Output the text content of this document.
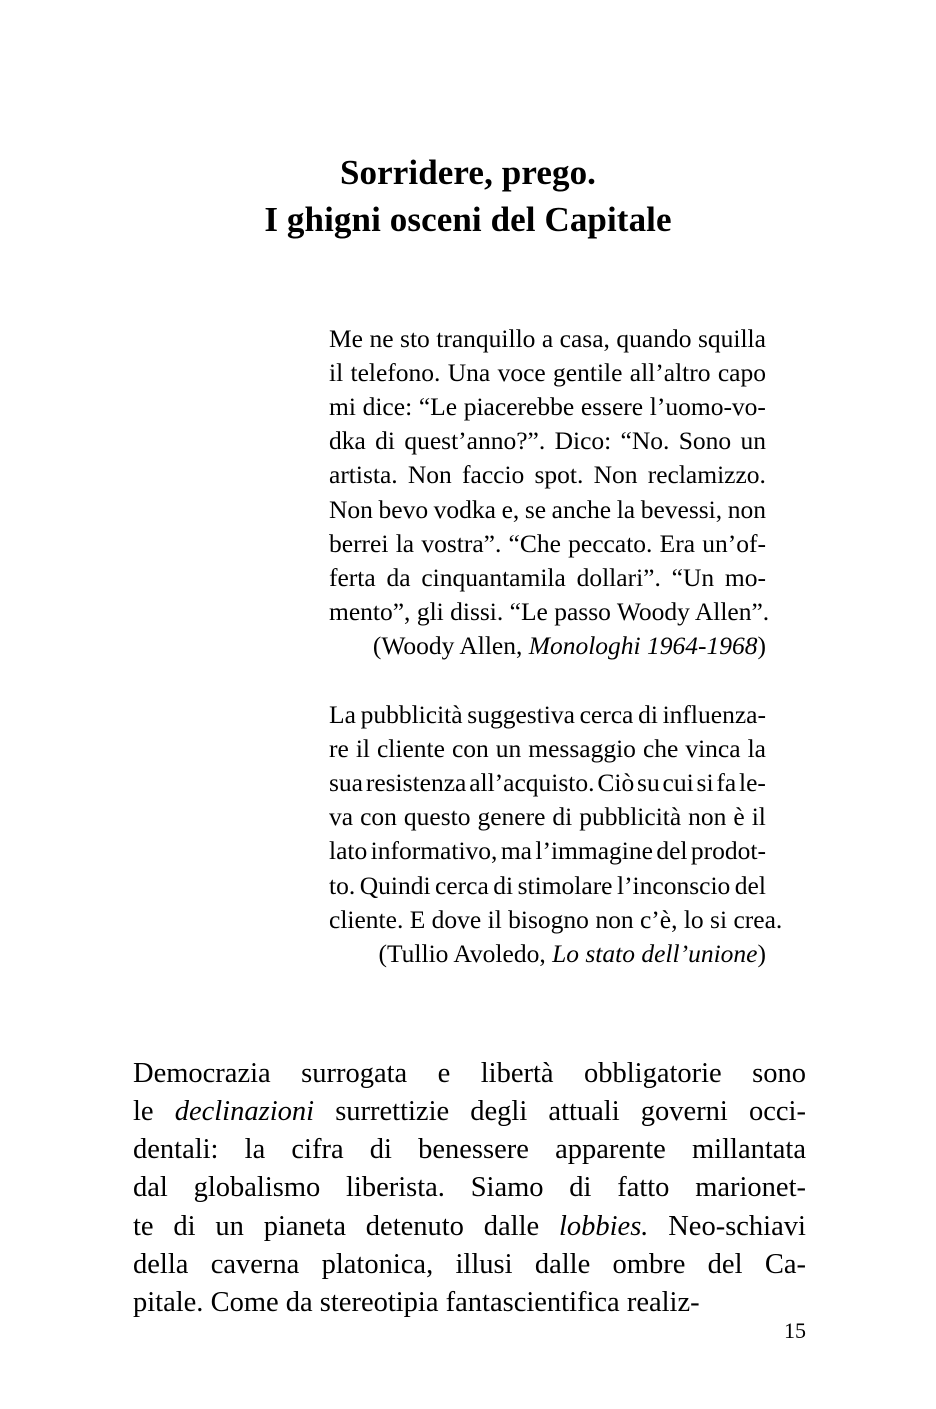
Sorridere, prego.
I ghigni osceni del Capitale
Me ne sto tranquillo a casa, quando squilla
il telefono. Una voce gentile all’altro capo
mi dice: “Le piacerebbe essere l’uomo-vo-
dka di quest’anno?”. Dico: “No. Sono un
artista. Non faccio spot. Non reclamizzo.
Non bevo vodka e, se anche la bevessi, non
berrei la vostra”. “Che peccato. Era un’of-
ferta da cinquantamila dollari”. “Un mo-
mento”, gli dissi. “Le passo Woody Allen”.
(Woody Allen, Monologhi 1964-1968 )
La pubblicità suggestiva cerca di influenza-
re il cliente con un messaggio che vinca la
sua resistenza all’acquisto. Ciò su cui si fa le-
va con questo genere di pubblicità non è il
lato informativo, ma l’immagine del prodot-
to. Quindi cerca di stimolare l’inconscio del
cliente. E dove il bisogno non c’è, lo si crea.
(Tullio Avoledo, Lo stato dell’unione )

Democrazia surrogata e libertà obbligatorie sono
le declinazioni surrettizie degli attuali governi occi-
dentali: la cifra di benessere apparente millantata
dal globalismo liberista. Siamo di fatto marionet-
te di un pianeta detenuto dalle lobbies. Neo-schiavi
della caverna platonica, illusi dalle ombre del Ca-
pitale. Come da stereotipia fantascientifica realiz-

15
